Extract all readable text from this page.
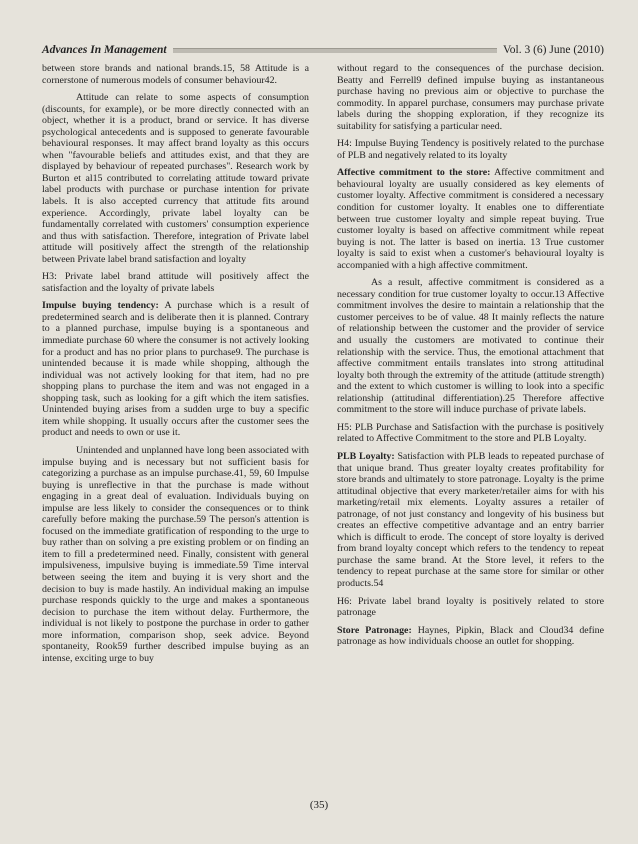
Advances In Management	Vol. 3 (6) June (2010)

between store brands and national brands.15, 58 Attitude is a cornerstone of numerous models of consumer behaviour42.

Attitude can relate to some aspects of consumption (discounts, for example), or be more directly connected with an object, whether it is a product, brand or service. It has diverse psychological antecedents and is supposed to generate favourable behavioural responses. It may affect brand loyalty as this occurs when "favourable beliefs and attitudes exist, and that they are displayed by behaviour of repeated purchases". Research work by Burton et al15 contributed to correlating attitude toward private label products with purchase or purchase intention for private labels. It is also accepted currency that attitude fits around experience. Accordingly, private label loyalty can be fundamentally correlated with customers' consumption experience and thus with satisfaction. Therefore, integration of Private label attitude will positively affect the strength of the relationship between Private label brand satisfaction and loyalty

H3: Private label brand attitude will positively affect the satisfaction and the loyalty of private labels

Impulse buying tendency: A purchase which is a result of predetermined search and is deliberate then it is planned. Contrary to a planned purchase, impulse buying is a spontaneous and immediate purchase 60 where the consumer is not actively looking for a product and has no prior plans to purchase9. The purchase is unintended because it is made while shopping, although the individual was not actively looking for that item, had no pre shopping plans to purchase the item and was not engaged in a shopping task, such as looking for a gift which the item satisfies. Unintended buying arises from a sudden urge to buy a specific item while shopping. It usually occurs after the customer sees the product and needs to own or use it.

Unintended and unplanned have long been associated with impulse buying and is necessary but not sufficient basis for categorizing a purchase as an impulse purchase.41, 59, 60 Impulse buying is unreflective in that the purchase is made without engaging in a great deal of evaluation. Individuals buying on impulse are less likely to consider the consequences or to think carefully before making the purchase.59 The person's attention is focused on the immediate gratification of responding to the urge to buy rather than on solving a pre existing problem or on finding an item to fill a predetermined need. Finally, consistent with general impulsiveness, impulsive buying is immediate.59 Time interval between seeing the item and buying it is very short and the decision to buy is made hastily. An individual making an impulse purchase responds quickly to the urge and makes a spontaneous decision to purchase the item without delay. Furthermore, the individual is not likely to postpone the purchase in order to gather more information, comparison shop, seek advice. Beyond spontaneity, Rook59 further described impulse buying as an intense, exciting urge to buy

without regard to the consequences of the purchase decision. Beatty and Ferrell9 defined impulse buying as instantaneous purchase having no previous aim or objective to purchase the commodity. In apparel purchase, consumers may purchase private labels during the shopping exploration, if they recognize its suitability for satisfying a particular need.

H4: Impulse Buying Tendency is positively related to the purchase of PLB and negatively related to its loyalty

Affective commitment to the store: Affective commitment and behavioural loyalty are usually considered as key elements of customer loyalty. Affective commitment is considered a necessary condition for customer loyalty. It enables one to differentiate between true customer loyalty and simple repeat buying. True customer loyalty is based on affective commitment while repeat buying is not. The latter is based on inertia. 13 True customer loyalty is said to exist when a customer's behavioural loyalty is accompanied with a high affective commitment.

As a result, affective commitment is considered as a necessary condition for true customer loyalty to occur.13 Affective commitment involves the desire to maintain a relationship that the customer perceives to be of value. 48 It mainly reflects the nature of relationship between the customer and the provider of service and usually the customers are motivated to continue their relationship with the service. Thus, the emotional attachment that affective commitment entails translates into strong attitudinal loyalty both through the extremity of the attitude (attitude strength) and the extent to which customer is willing to look into a specific relationship (attitudinal differentiation).25 Therefore affective commitment to the store will induce purchase of private labels.

H5: PLB Purchase and Satisfaction with the purchase is positively related to Affective Commitment to the store and PLB Loyalty.

PLB Loyalty: Satisfaction with PLB leads to repeated purchase of that unique brand. Thus greater loyalty creates profitability for store brands and ultimately to store patronage. Loyalty is the prime attitudinal objective that every marketer/retailer aims for with his marketing/retail mix elements. Loyalty assures a retailer of patronage, of not just constancy and longevity of his business but creates an effective competitive advantage and an entry barrier which is difficult to erode. The concept of store loyalty is derived from brand loyalty concept which refers to the tendency to repeat purchase the same brand. At the Store level, it refers to the tendency to repeat purchase at the same store for similar or other products.54

H6: Private label brand loyalty is positively related to store patronage

Store Patronage: Haynes, Pipkin, Black and Cloud34 define patronage as how individuals choose an outlet for shopping.

(35)
